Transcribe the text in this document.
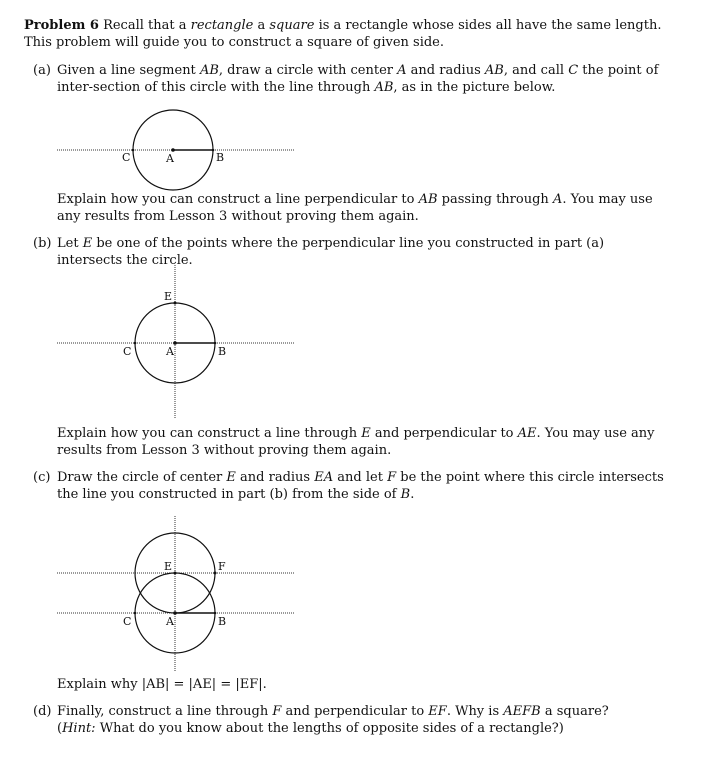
Problem 6 Recall that a rectangle a square is a rectangle whose sides all have the same length. This problem will guide you to construct a square of given side.
(a) Given a line segment AB, draw a circle with center A and radius AB, and call C the point of inter-section of this circle with the line through AB, as in the picture below.
C	A	B
Explain how you can construct a line perpendicular to AB passing through A. You may use any results from Lesson 3 without proving them again.
(b) Let E be one of the points where the perpendicular line you constructed in part (a) intersects the circle.
E
C	A	B
Explain how you can construct a line through E and perpendicular to AE. You may use any results from Lesson 3 without proving them again.
(c) Draw the circle of center E and radius EA and let F be the point where this circle intersects the line you constructed in part (b) from the side of B.
E	F
C	A	B
Explain why |AB| = |AE| = |EF|.
(d) Finally, construct a line through F and perpendicular to EF. Why is AEFB a square?
(Hint: What do you know about the lengths of opposite sides of a rectangle?)
